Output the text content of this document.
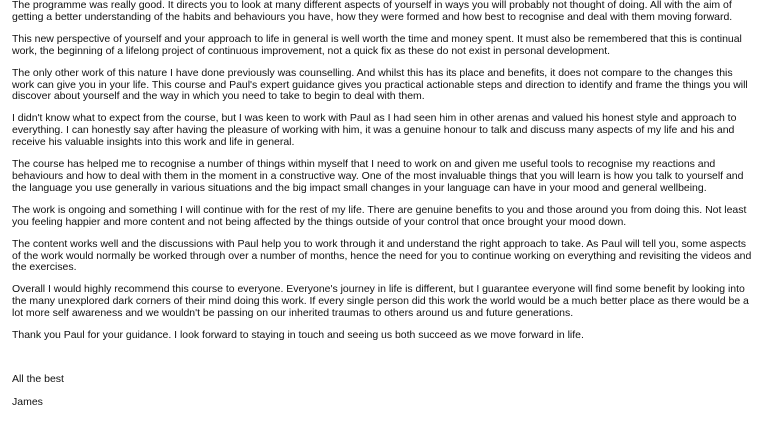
The programme was really good. It directs you to look at many different aspects of yourself in ways you will probably not thought of doing. All with the aim of getting a better understanding of the habits and behaviours you have, how they were formed and how best to recognise and deal with them moving forward.

This new perspective of yourself and your approach to life in general is well worth the time and money spent. It must also be remembered that this is continual work, the beginning of a lifelong project of continuous improvement, not a quick fix as these do not exist in personal development.

The only other work of this nature I have done previously was counselling. And whilst this has its place and benefits, it does not compare to the changes this work can give you in your life. This course and Paul's expert guidance gives you practical actionable steps and direction to identify and frame the things you will discover about yourself and the way in which you need to take to begin to deal with them.

I didn't know what to expect from the course, but I was keen to work with Paul as I had seen him in other arenas and valued his honest style and approach to everything. I can honestly say after having the pleasure of working with him, it was a genuine honour to talk and discuss many aspects of my life and his and receive his valuable insights into this work and life in general.

The course has helped me to recognise a number of things within myself that I need to work on and given me useful tools to recognise my reactions and behaviours and how to deal with them in the moment in a constructive way. One of the most invaluable things that you will learn is how you talk to yourself and the language you use generally in various situations and the big impact small changes in your language can have in your mood and general wellbeing.

The work is ongoing and something I will continue with for the rest of my life. There are genuine benefits to you and those around you from doing this. Not least you feeling happier and more content and not being affected by the things outside of your control that once brought your mood down.

The content works well and the discussions with Paul help you to work through it and understand the right approach to take. As Paul will tell you, some aspects of the work would normally be worked through over a number of months, hence the need for you to continue working on everything and revisiting the videos and the exercises.

Overall I would highly recommend this course to everyone. Everyone's journey in life is different, but I guarantee everyone will find some benefit by looking into the many unexplored dark corners of their mind doing this work. If every single person did this work the world would be a much better place as there would be a lot more self awareness and we wouldn't be passing on our inherited traumas to others around us and future generations.

Thank you Paul for your guidance. I look forward to staying in touch and seeing us both succeed as we move forward in life.

All the best

James
